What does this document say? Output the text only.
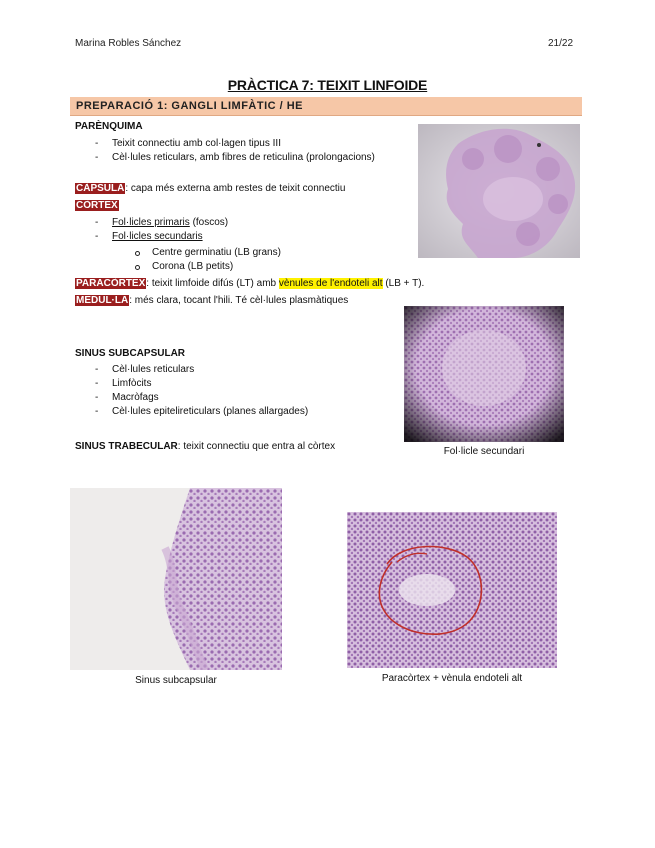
Marina Robles Sánchez	21/22
PRÀCTICA 7: TEIXIT LINFOIDE
PREPARACIÓ 1: GANGLI LIMFÀTIC / HE
PARÈNQUIMA
- Teixit connectiu amb col·lagen tipus III
- Cèl·lules reticulars, amb fibres de reticulina (prolongacions)
CÀPSULA: capa més externa amb restes de teixit connectiu
CÒRTEX
- Fol·licles primaris (foscos)
- Fol·licles secundaris
Centre germinatiu (LB grans)
Corona (LB petits)
PARACÒRTEX: teixit limfoide difús (LT) amb vènules de l'endoteli alt (LB + T).
MEDUL·LA: més clara, tocant l'hili. Té cèl·lules plasmàtiques
SINUS SUBCAPSULAR
- Cèl·lules reticulars
- Limfòcits
- Macròfags
- Cèl·lules epitelireticulars (planes allargades)
SINUS TRABECULAR: teixit connectiu que entra al còrtex	Fol·licle secundari
Sinus subcapsular	Paracòrtex + vènula endoteli alt
